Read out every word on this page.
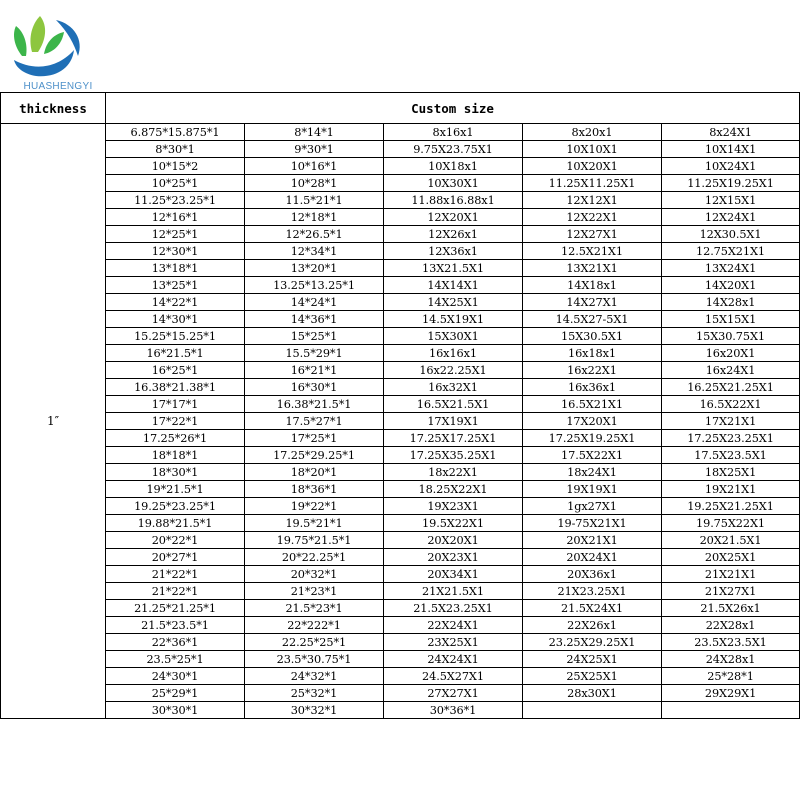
HUASHENGYI
thickness	Custom size				
1″	6.875*15.875*1	8*14*1	8x16x1	8x20x1	8x24X1
	8*30*1	9*30*1	9.75X23.75X1	10X10X1	10X14X1
	10*15*2	10*16*1	10X18x1	10X20X1	10X24X1
	10*25*1	10*28*1	10X30X1	11.25X11.25X1	11.25X19.25X1
	11.25*23.25*1	11.5*21*1	11.88x16.88x1	12X12X1	12X15X1
	12*16*1	12*18*1	12X20X1	12X22X1	12X24X1
	12*25*1	12*26.5*1	12X26x1	12X27X1	12X30.5X1
	12*30*1	12*34*1	12X36x1	12.5X21X1	12.75X21X1
	13*18*1	13*20*1	13X21.5X1	13X21X1	13X24X1
	13*25*1	13.25*13.25*1	14X14X1	14X18x1	14X20X1
	14*22*1	14*24*1	14X25X1	14X27X1	14X28x1
	14*30*1	14*36*1	14.5X19X1	14.5X27-5X1	15X15X1
	15.25*15.25*1	15*25*1	15X30X1	15X30.5X1	15X30.75X1
	16*21.5*1	15.5*29*1	16x16x1	16x18x1	16x20X1
	16*25*1	16*21*1	16x22.25X1	16x22X1	16x24X1
	16.38*21.38*1	16*30*1	16x32X1	16x36x1	16.25X21.25X1
	17*17*1	16.38*21.5*1	16.5X21.5X1	16.5X21X1	16.5X22X1
	17*22*1	17.5*27*1	17X19X1	17X20X1	17X21X1
	17.25*26*1	17*25*1	17.25X17.25X1	17.25X19.25X1	17.25X23.25X1
	18*18*1	17.25*29.25*1	17.25X35.25X1	17.5X22X1	17.5X23.5X1
	18*30*1	18*20*1	18x22X1	18x24X1	18X25X1
	19*21.5*1	18*36*1	18.25X22X1	19X19X1	19X21X1
	19.25*23.25*1	19*22*1	19X23X1	1gx27X1	19.25X21.25X1
	19.88*21.5*1	19.5*21*1	19.5X22X1	19-75X21X1	19.75X22X1
	20*22*1	19.75*21.5*1	20X20X1	20X21X1	20X21.5X1
	20*27*1	20*22.25*1	20X23X1	20X24X1	20X25X1
	21*22*1	20*32*1	20X34X1	20X36x1	21X21X1
	21*22*1	21*23*1	21X21.5X1	21X23.25X1	21X27X1
	21.25*21.25*1	21.5*23*1	21.5X23.25X1	21.5X24X1	21.5X26x1
	21.5*23.5*1	22*222*1	22X24X1	22X26x1	22X28x1
	22*36*1	22.25*25*1	23X25X1	23.25X29.25X1	23.5X23.5X1
	23.5*25*1	23.5*30.75*1	24X24X1	24X25X1	24X28x1
	24*30*1	24*32*1	24.5X27X1	25X25X1	25*28*1
	25*29*1	25*32*1	27X27X1	28x30X1	29X29X1
	30*30*1	30*32*1	30*36*1		
